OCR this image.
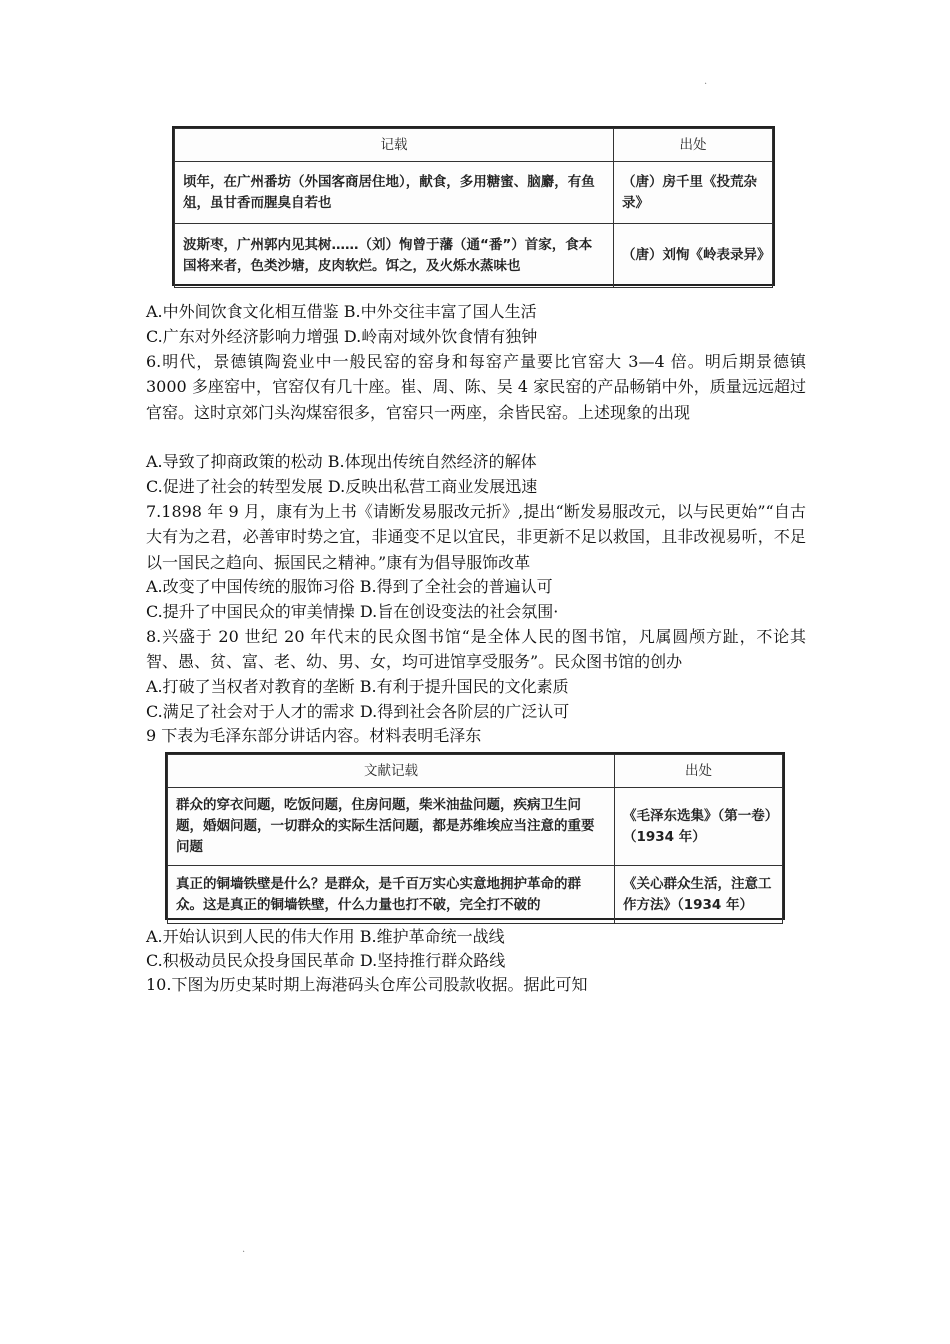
.
记载	出处
顷年，在广州番坊（外国客商居住地），献食，多用糖蜜、脑麝，有鱼俎，虽甘香而腥臭自若也	（唐）房千里《投荒杂录》
波斯枣，广州郭内见其树……（刘）恂曾于藩（通“番”）首家，食本国将来者，色类沙塘，皮肉软烂。饵之，及火烁水蒸味也	（唐）刘恂《岭表录异》

A.中外间饮食文化相互借鉴 B.中外交往丰富了国人生活

C.广东对外经济影响力增强 D.岭南对域外饮食情有独钟

6.明代，景德镇陶瓷业中一般民窑的窑身和每窑产量要比官窑大 3—4 倍。明后期景德镇 3000 多座窑中，官窑仅有几十座。崔、周、陈、吴 4 家民窑的产品畅销中外，质量远远超过官窑。这时京郊门头沟煤窑很多，官窑只一两座，余皆民窑。上述现象的出现

A.导致了抑商政策的松动 B.体现出传统自然经济的解体

C.促进了社会的转型发展 D.反映出私营工商业发展迅速

7.1898 年 9 月，康有为上书《请断发易服改元折》,提出“断发易服改元，以与民更始”“自古大有为之君，必善审时势之宜，非通变不足以宜民，非更新不足以救国，且非改视易听，不足以一国民之趋向、振国民之精神。”康有为倡导服饰改革

A.改变了中国传统的服饰习俗 B.得到了全社会的普遍认可

C.提升了中国民众的审美情操 D.旨在创设变法的社会氛围·

8.兴盛于 20 世纪 20 年代末的民众图书馆“是全体人民的图书馆，凡属圆颅方趾，不论其智、愚、贫、富、老、幼、男、女，均可进馆享受服务”。民众图书馆的创办

A.打破了当权者对教育的垄断 B.有利于提升国民的文化素质

C.满足了社会对于人才的需求 D.得到社会各阶层的广泛认可

9 下表为毛泽东部分讲话内容。材料表明毛泽东

文献记载	出处
群众的穿衣问题，吃饭问题，住房问题，柴米油盐问题，疾病卫生问题，婚姻问题，一切群众的实际生活问题，都是苏维埃应当注意的重要问题	《毛泽东选集》（第一卷）（1934 年）
真正的铜墙铁壁是什么？是群众，是千百万实心实意地拥护革命的群众。这是真正的铜墙铁壁，什么力量也打不破，完全打不破的	《关心群众生活，注意工作方法》（1934 年）

A.开始认识到人民的伟大作用 B.维护革命统一战线

C.积极动员民众投身国民革命 D.坚持推行群众路线

10.下图为历史某时期上海港码头仓库公司股款收据。据此可知

.
